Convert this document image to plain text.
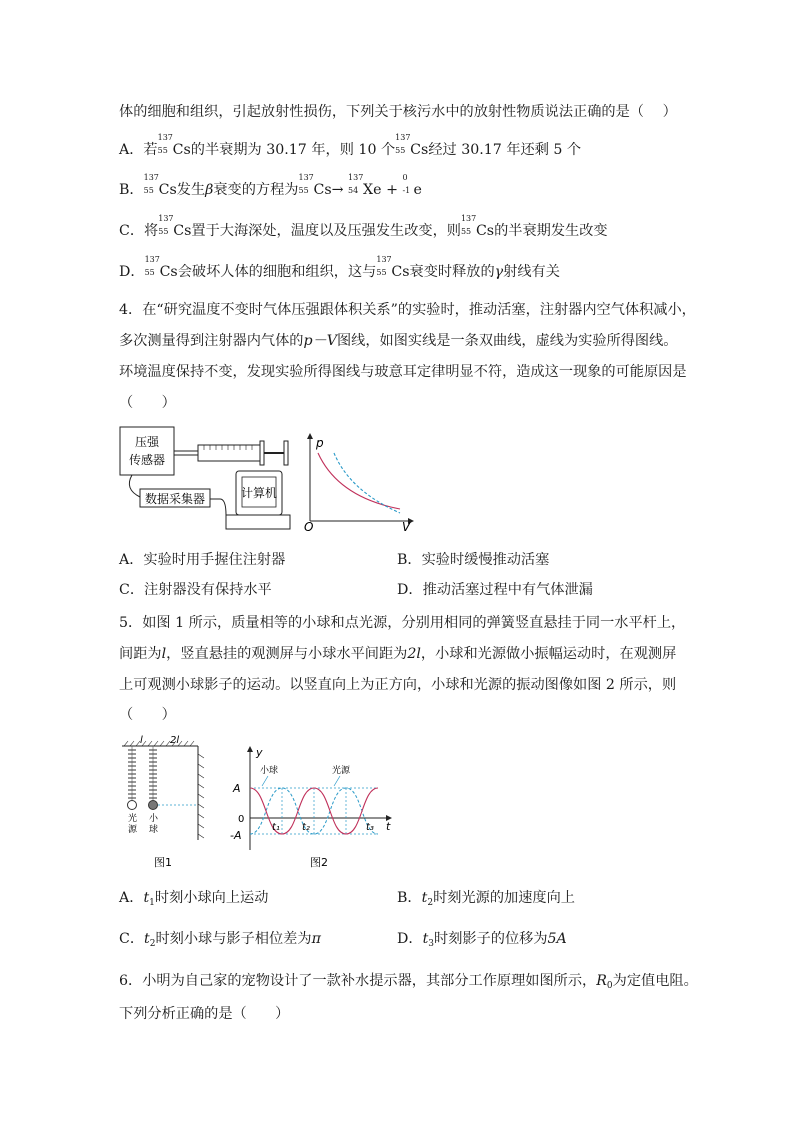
体的细胞和组织，引起放射性损伤，下列关于核污水中的放射性物质说法正确的是（　 ）
A．若
137
55 Cs的半衰期为 30.17 年，则 10 个
137
55 Cs经过 30.17 年还剩 5 个
B．
137
55 Cs发生β衰变的方程为
137
55 Cs→
137
54 Xe +
0
-1 e
C．将
137
55 Cs置于大海深处，温度以及压强发生改变，则
137
55 Cs的半衰期发生改变
D．
137
55 Cs会破坏人体的细胞和组织，这与
137
55 Cs衰变时释放的γ射线有关
4．在“研究温度不变时气体压强跟体积关系”的实验时，推动活塞，注射器内空气体积减小，
多次测量得到注射器内气体的p－V图线，如图实线是一条双曲线，虚线为实验所得图线。
环境温度保持不变，发现实验所得图线与玻意耳定律明显不符，造成这一现象的可能原因是
（　　）
压强
传感器
计算机
数据采集器
p
V
O
A．实验时用手握住注射器	B．实验时缓慢推动活塞
C．注射器没有保持水平	D．推动活塞过程中有气体泄漏
5．如图 1 所示，质量相等的小球和点光源，分别用相同的弹簧竖直悬挂于同一水平杆上，
间距为l，竖直悬挂的观测屏与小球水平间距为2l，小球和光源做小振幅运动时，在观测屏
上可观测小球影子的运动。以竖直向上为正方向，小球和光源的振动图像如图 2 所示，则
（　　）
l	2l
光
源
小
球
图1
y
t
A
-A
0
小球	光源
t₁ t₂	t₃
图2
A．$t_1$时刻小球向上运动	B．$t_2$时刻光源的加速度向上
C．$t_2$时刻小球与影子相位差为π	D．$t_3$时刻影子的位移为5A
6．小明为自己家的宠物设计了一款补水提示器，其部分工作原理如图所示，$R_0$为定值电阻。
下列分析正确的是（　　）
